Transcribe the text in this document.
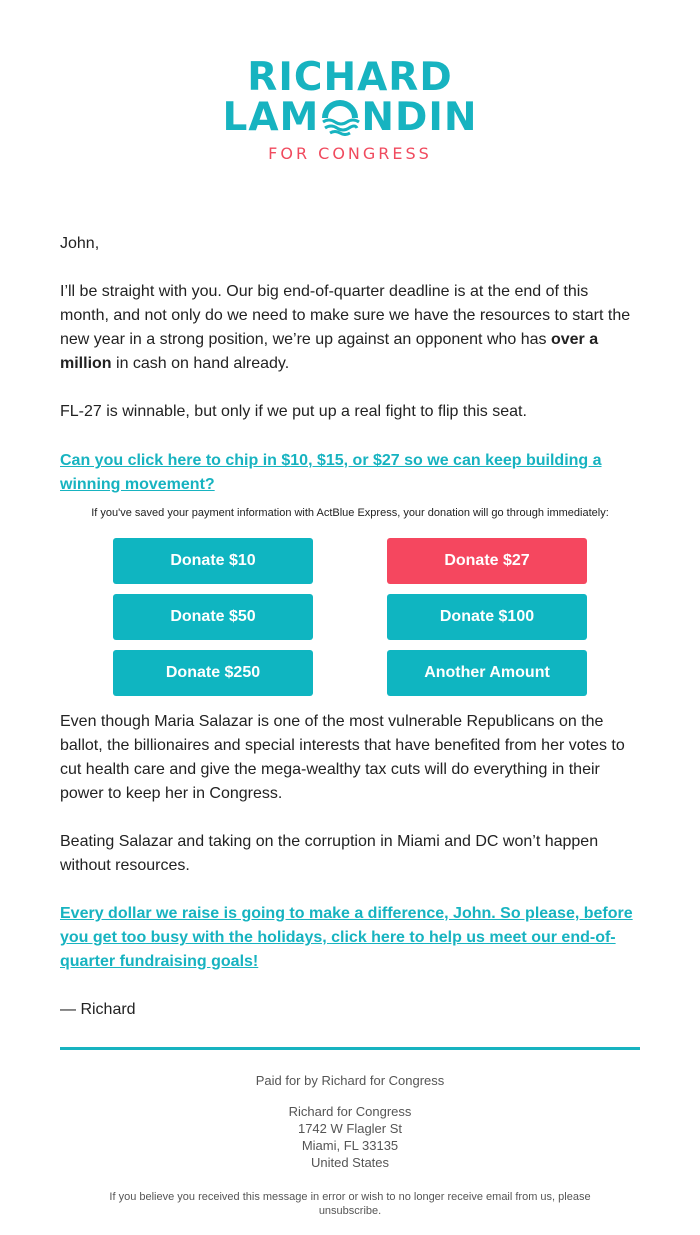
RICHARD
LAM NDIN
FOR CONGRESS

John,

I’ll be straight with you. Our big end-of-quarter deadline is at the end of this month, and not only do we need to make sure we have the resources to start the new year in a strong position, we’re up against an opponent who has over a million in cash on hand already.

FL-27 is winnable, but only if we put up a real fight to flip this seat.

Can you click here to chip in $10, $15, or $27 so we can keep building a winning movement?

If you've saved your payment information with ActBlue Express, your donation will go through immediately:
Donate $10	Donate $27
Donate $50	Donate $100
Donate $250	Another Amount

Even though Maria Salazar is one of the most vulnerable Republicans on the ballot, the billionaires and special interests that have benefited from her votes to cut health care and give the mega-wealthy tax cuts will do everything in their power to keep her in Congress.

Beating Salazar and taking on the corruption in Miami and DC won’t happen without resources.

Every dollar we raise is going to make a difference, John. So please, before you get too busy with the holidays, click here to help us meet our end-of-quarter fundraising goals!

— Richard

Paid for by Richard for Congress
Richard for Congress
1742 W Flagler St
Miami, FL 33135
United States
If you believe you received this message in error or wish to no longer receive email from us, please unsubscribe.
